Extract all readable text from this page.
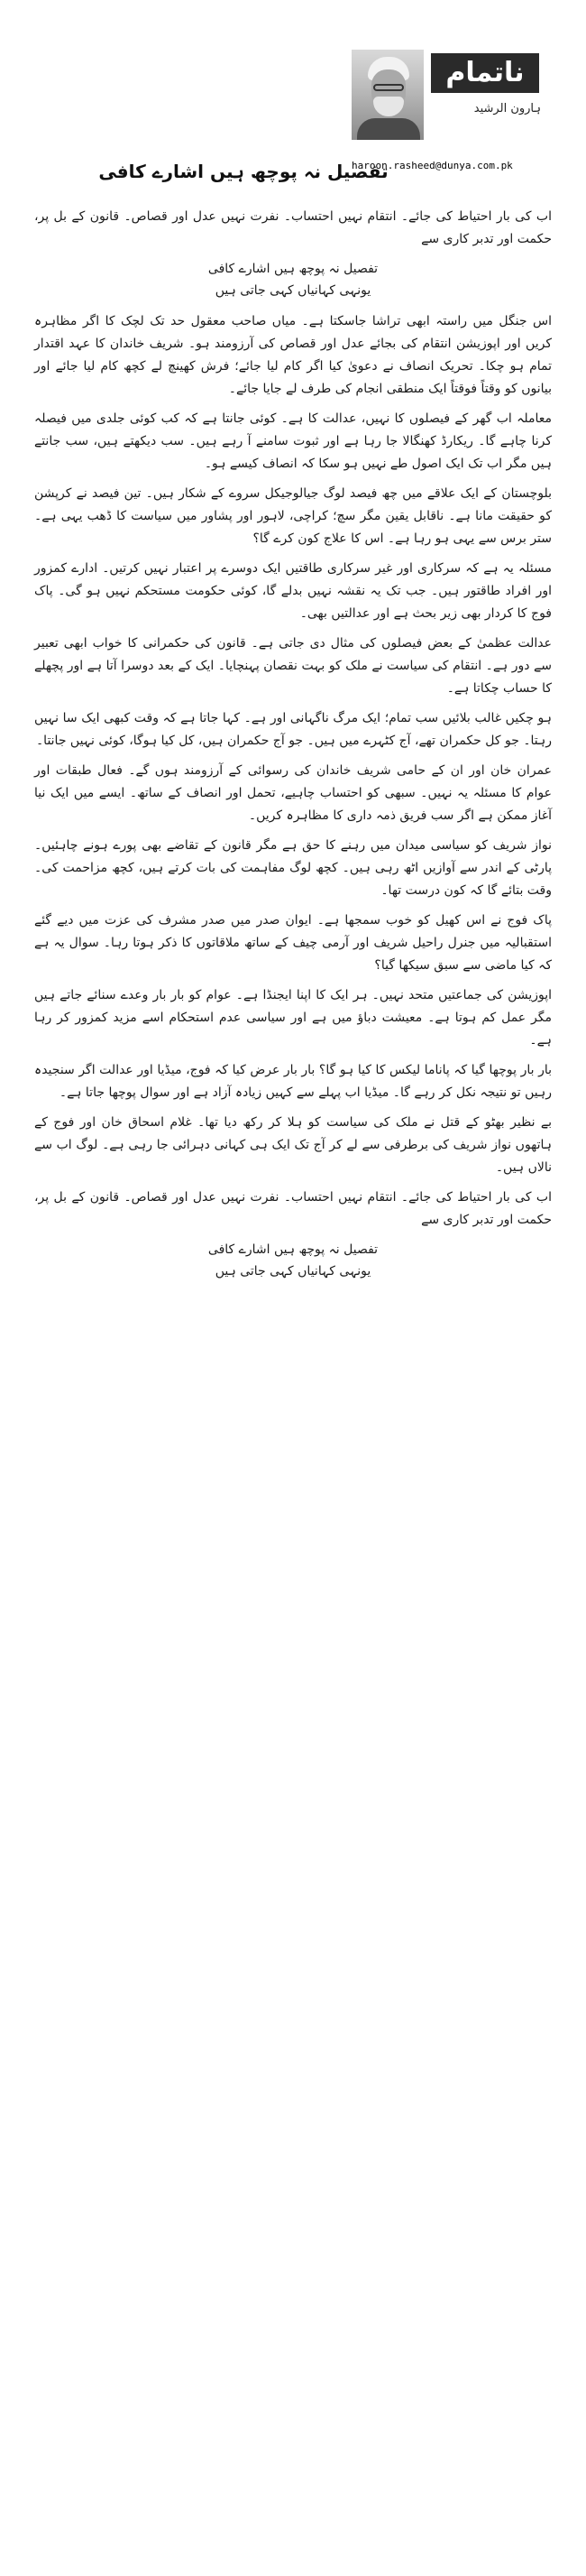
ناتمام
ہارون الرشید
haroon.rasheed@dunya.com.pk
تفصیل نہ پوچھ ہیں اشارے کافی

اب کی بار احتیاط کی جائے۔ انتقام نہیں احتساب۔ نفرت نہیں عدل اور قصاص۔ قانون کے بل پر، حکمت اور تدبر کاری سے

تفصیل نہ پوچھ ہیں اشارے کافی
یونہی کہانیاں کہی جاتی ہیں

اس جنگل میں راستہ ابھی تراشا جاسکتا ہے۔ میاں صاحب معقول حد تک لچک کا اگر مظاہرہ کریں اور اپوزیشن انتقام کی بجائے عدل اور قصاص کی آرزومند ہو۔ شریف خاندان کا عہد اقتدار تمام ہو چکا۔ تحریک انصاف نے دعویٰ کیا اگر کام لیا جائے؛ فرش کھینچ لے کچھ کام لیا جائے اور بیانوں کو وقتاً فوقتاً ایک منطقی انجام کی طرف لے جایا جائے۔

معاملہ اب گھر کے فیصلوں کا نہیں، عدالت کا ہے۔ کوئی جانتا ہے کہ کب کوئی جلدی میں فیصلہ کرنا چاہے گا۔ ریکارڈ کھنگالا جا رہا ہے اور ثبوت سامنے آ رہے ہیں۔ سب دیکھتے ہیں، سب جانتے ہیں مگر اب تک ایک اصول طے نہیں ہو سکا کہ انصاف کیسے ہو۔

بلوچستان کے ایک علاقے میں چھ فیصد لوگ جیالوجیکل سروے کے شکار ہیں۔ تین فیصد نے کرپشن کو حقیقت مانا ہے۔ ناقابل یقین مگر سچ؛ کراچی، لاہور اور پشاور میں سیاست کا ڈھب یہی ہے۔ ستر برس سے یہی ہو رہا ہے۔ اس کا علاج کون کرے گا؟

مسئلہ یہ ہے کہ سرکاری اور غیر سرکاری طاقتیں ایک دوسرے پر اعتبار نہیں کرتیں۔ ادارے کمزور اور افراد طاقتور ہیں۔ جب تک یہ نقشہ نہیں بدلے گا، کوئی حکومت مستحکم نہیں ہو گی۔ پاک فوج کا کردار بھی زیر بحث ہے اور عدالتیں بھی۔

عدالت عظمیٰ کے بعض فیصلوں کی مثال دی جاتی ہے۔ قانون کی حکمرانی کا خواب ابھی تعبیر سے دور ہے۔ انتقام کی سیاست نے ملک کو بہت نقصان پہنچایا۔ ایک کے بعد دوسرا آتا ہے اور پچھلے کا حساب چکاتا ہے۔

ہو چکیں غالب بلائیں سب تمام؛ ایک مرگ ناگہانی اور ہے۔ کہا جاتا ہے کہ وقت کبھی ایک سا نہیں رہتا۔ جو کل حکمران تھے، آج کٹہرے میں ہیں۔ جو آج حکمران ہیں، کل کیا ہوگا، کوئی نہیں جانتا۔

عمران خان اور ان کے حامی شریف خاندان کی رسوائی کے آرزومند ہوں گے۔ فعال طبقات اور عوام کا مسئلہ یہ نہیں۔ سبھی کو احتساب چاہیے، تحمل اور انصاف کے ساتھ۔ ایسے میں ایک نیا آغاز ممکن ہے اگر سب فریق ذمہ داری کا مظاہرہ کریں۔

نواز شریف کو سیاسی میدان میں رہنے کا حق ہے مگر قانون کے تقاضے بھی پورے ہونے چاہئیں۔ پارٹی کے اندر سے آوازیں اٹھ رہی ہیں۔ کچھ لوگ مفاہمت کی بات کرتے ہیں، کچھ مزاحمت کی۔ وقت بتائے گا کہ کون درست تھا۔

پاک فوج نے اس کھیل کو خوب سمجھا ہے۔ ایوان صدر میں صدر مشرف کی عزت میں دیے گئے استقبالیہ میں جنرل راحیل شریف اور آرمی چیف کے ساتھ ملاقاتوں کا ذکر ہوتا رہا۔ سوال یہ ہے کہ کیا ماضی سے سبق سیکھا گیا؟

اپوزیشن کی جماعتیں متحد نہیں۔ ہر ایک کا اپنا ایجنڈا ہے۔ عوام کو بار بار وعدے سنائے جاتے ہیں مگر عمل کم ہوتا ہے۔ معیشت دباؤ میں ہے اور سیاسی عدم استحکام اسے مزید کمزور کر رہا ہے۔

بار بار پوچھا گیا کہ پاناما لیکس کا کیا ہو گا؟ بار بار عرض کیا کہ فوج، میڈیا اور عدالت اگر سنجیدہ رہیں تو نتیجہ نکل کر رہے گا۔ میڈیا اب پہلے سے کہیں زیادہ آزاد ہے اور سوال پوچھا جاتا ہے۔

بے نظیر بھٹو کے قتل نے ملک کی سیاست کو ہلا کر رکھ دیا تھا۔ غلام اسحاق خان اور فوج کے ہاتھوں نواز شریف کی برطرفی سے لے کر آج تک ایک ہی کہانی دہرائی جا رہی ہے۔ لوگ اب سے نالاں ہیں۔

اب کی بار احتیاط کی جائے۔ انتقام نہیں احتساب۔ نفرت نہیں عدل اور قصاص۔ قانون کے بل پر، حکمت اور تدبر کاری سے

تفصیل نہ پوچھ ہیں اشارے کافی
یونہی کہانیاں کہی جاتی ہیں
